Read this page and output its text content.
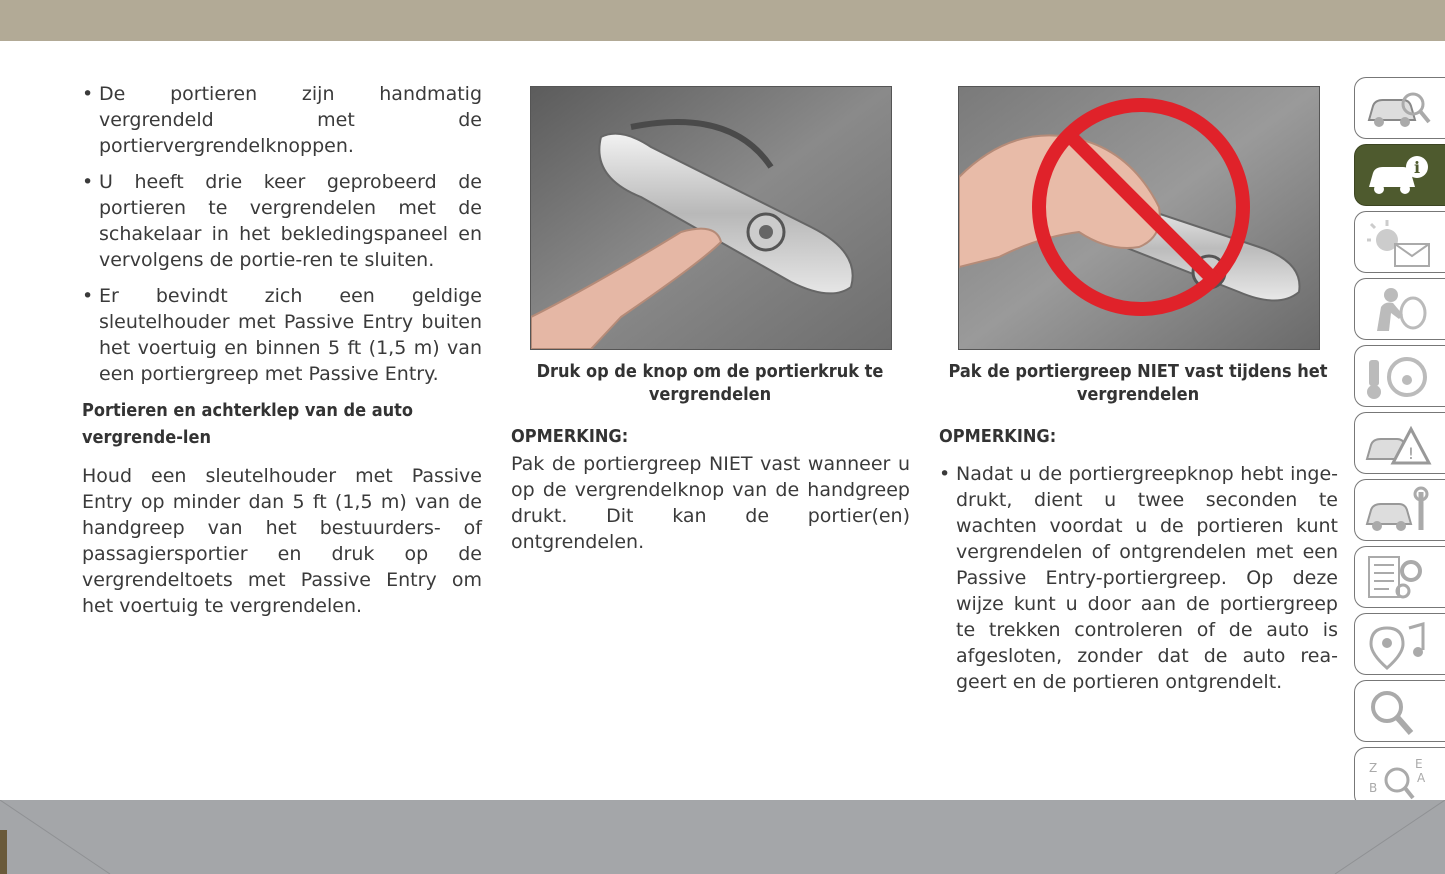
• De portieren zijn handmatig vergrendeld met de portiervergrendelknoppen.
• U heeft drie keer geprobeerd de portieren te vergrendelen met de schakelaar in het bekledingspaneel en vervolgens de portie-ren te sluiten.
• Er bevindt zich een geldige sleutelhouder met Passive Entry buiten het voertuig en binnen 5 ft (1,5 m) van een portiergreep met Passive Entry.
Portieren en achterklep van de auto vergrende-len
Houd een sleutelhouder met Passive Entry op minder dan 5 ft (1,5 m) van de handgreep van het bestuurders- of passagiersportier en druk op de vergrendeltoets met Passive Entry om het voertuig te vergrendelen.
Druk op de knop om de portierkruk te vergrendelen
Pak de portiergreep NIET vast tijdens het vergrendelen
OPMERKING:
Pak de portiergreep NIET vast wanneer u op de vergrendelknop van de handgreep drukt. Dit kan de portier(en) ontgrendelen.
OPMERKING:
• Nadat u de portiergreepknop hebt inge-drukt, dient u twee seconden te wachten voordat u de portieren kunt vergrendelen of ontgrendelen met een Passive Entry-portiergreep. Op deze wijze kunt u door aan de portiergreep te trekken controleren of de auto is afgesloten, zonder dat de auto rea-geert en de portieren ontgrendelt.
i
!
Z	E
A
B
